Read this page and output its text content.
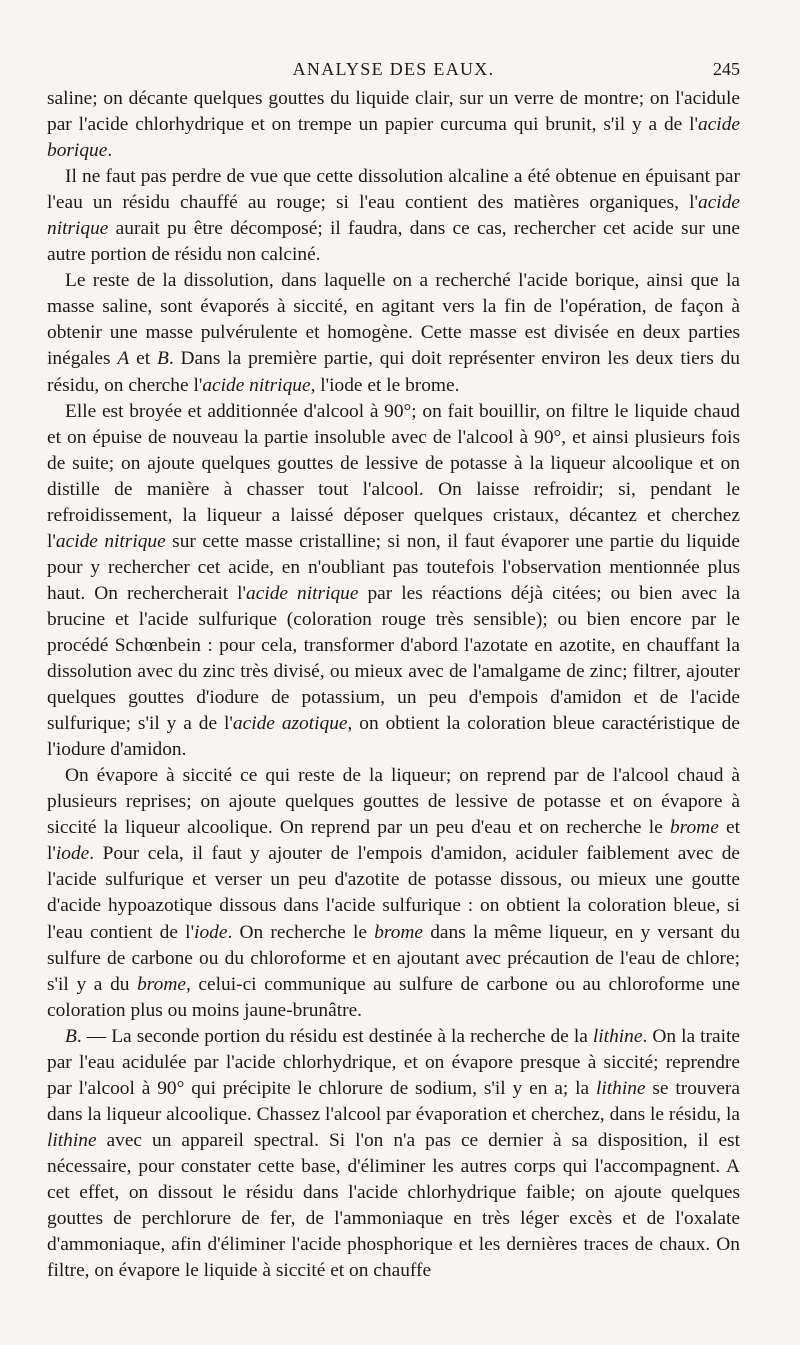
ANALYSE DES EAUX.	245

saline; on décante quelques gouttes du liquide clair, sur un verre de montre; on l'acidule par l'acide chlorhydrique et on trempe un papier curcuma qui brunit, s'il y a de l'acide borique.

Il ne faut pas perdre de vue que cette dissolution alcaline a été obtenue en épuisant par l'eau un résidu chauffé au rouge; si l'eau contient des matières organiques, l'acide nitrique aurait pu être décomposé; il faudra, dans ce cas, rechercher cet acide sur une autre portion de résidu non calciné.

Le reste de la dissolution, dans laquelle on a recherché l'acide borique, ainsi que la masse saline, sont évaporés à siccité, en agitant vers la fin de l'opération, de façon à obtenir une masse pulvérulente et homogène. Cette masse est divisée en deux parties inégales A et B. Dans la première partie, qui doit représenter environ les deux tiers du résidu, on cherche l'acide nitrique, l'iode et le brome.

Elle est broyée et additionnée d'alcool à 90°; on fait bouillir, on filtre le liquide chaud et on épuise de nouveau la partie insoluble avec de l'alcool à 90°, et ainsi plusieurs fois de suite; on ajoute quelques gouttes de lessive de potasse à la liqueur alcoolique et on distille de manière à chasser tout l'alcool. On laisse refroidir; si, pendant le refroidissement, la liqueur a laissé déposer quelques cristaux, décantez et cherchez l'acide nitrique sur cette masse cristalline; si non, il faut évaporer une partie du liquide pour y rechercher cet acide, en n'oubliant pas toutefois l'observation mentionnée plus haut. On rechercherait l'acide nitrique par les réactions déjà citées; ou bien avec la brucine et l'acide sulfurique (coloration rouge très sensible); ou bien encore par le procédé Schœnbein : pour cela, transformer d'abord l'azotate en azotite, en chauffant la dissolution avec du zinc très divisé, ou mieux avec de l'amalgame de zinc; filtrer, ajouter quelques gouttes d'iodure de potassium, un peu d'empois d'amidon et de l'acide sulfurique; s'il y a de l'acide azotique, on obtient la coloration bleue caractéristique de l'iodure d'amidon.

On évapore à siccité ce qui reste de la liqueur; on reprend par de l'alcool chaud à plusieurs reprises; on ajoute quelques gouttes de lessive de potasse et on évapore à siccité la liqueur alcoolique. On reprend par un peu d'eau et on recherche le brome et l'iode. Pour cela, il faut y ajouter de l'empois d'amidon, aciduler faiblement avec de l'acide sulfurique et verser un peu d'azotite de potasse dissous, ou mieux une goutte d'acide hypoazotique dissous dans l'acide sulfurique : on obtient la coloration bleue, si l'eau contient de l'iode. On recherche le brome dans la même liqueur, en y versant du sulfure de carbone ou du chloroforme et en ajoutant avec précaution de l'eau de chlore; s'il y a du brome, celui-ci communique au sulfure de carbone ou au chloroforme une coloration plus ou moins jaune-brunâtre.

B. — La seconde portion du résidu est destinée à la recherche de la lithine. On la traite par l'eau acidulée par l'acide chlorhydrique, et on évapore presque à siccité; reprendre par l'alcool à 90° qui précipite le chlorure de sodium, s'il y en a; la lithine se trouvera dans la liqueur alcoolique. Chassez l'alcool par évaporation et cherchez, dans le résidu, la lithine avec un appareil spectral. Si l'on n'a pas ce dernier à sa disposition, il est nécessaire, pour constater cette base, d'éliminer les autres corps qui l'accompagnent. A cet effet, on dissout le résidu dans l'acide chlorhydrique faible; on ajoute quelques gouttes de perchlorure de fer, de l'ammoniaque en très léger excès et de l'oxalate d'ammoniaque, afin d'éliminer l'acide phosphorique et les dernières traces de chaux. On filtre, on évapore le liquide à siccité et on chauffe
